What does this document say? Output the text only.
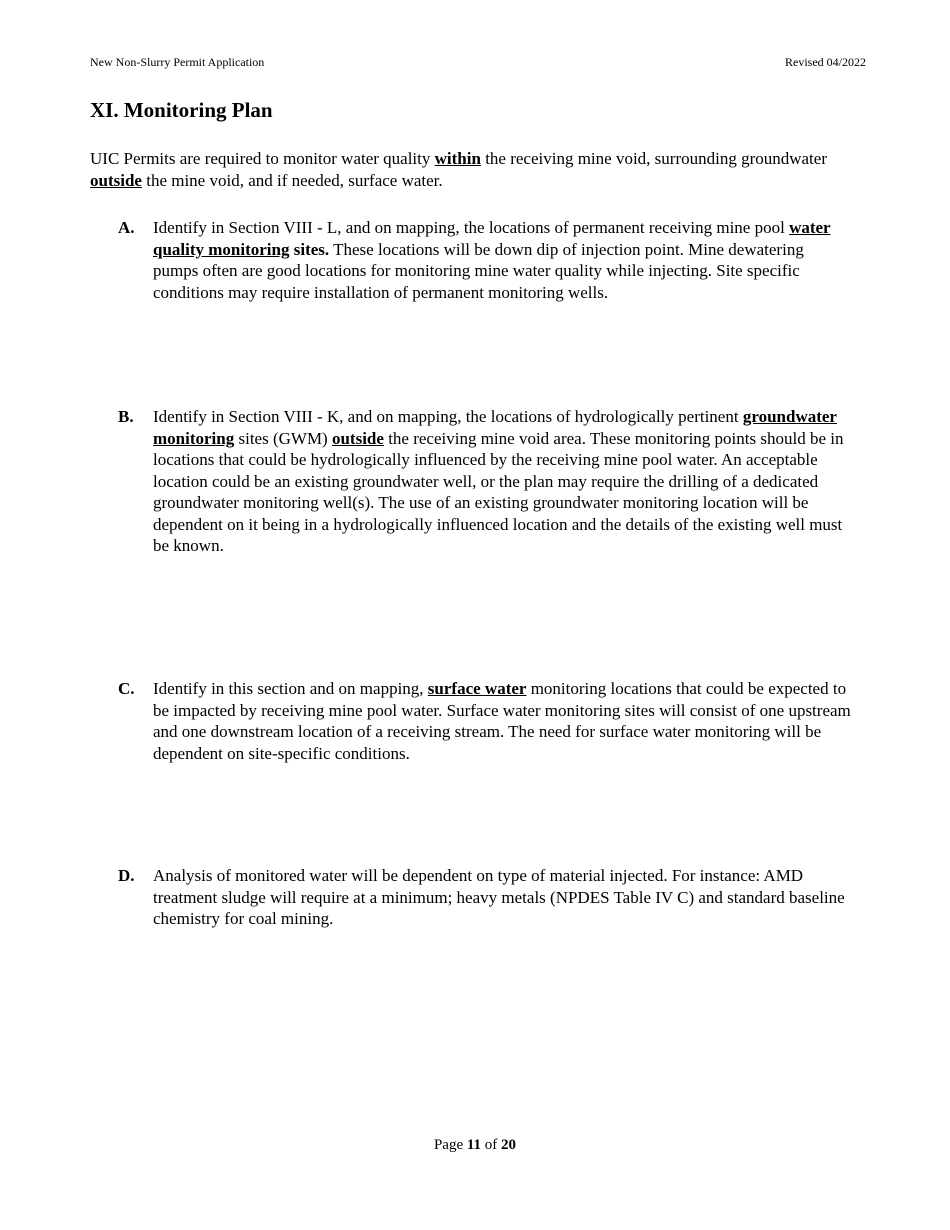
New Non-Slurry Permit Application	Revised 04/2022
XI. Monitoring Plan

UIC Permits are required to monitor water quality within the receiving mine void, surrounding groundwater outside the mine void, and if needed, surface water.

A. Identify in Section VIII - L, and on mapping, the locations of permanent receiving mine pool water quality monitoring sites. These locations will be down dip of injection point. Mine dewatering pumps often are good locations for monitoring mine water quality while injecting. Site specific conditions may require installation of permanent monitoring wells.
B. Identify in Section VIII - K, and on mapping, the locations of hydrologically pertinent groundwater monitoring sites (GWM) outside the receiving mine void area. These monitoring points should be in locations that could be hydrologically influenced by the receiving mine pool water. An acceptable location could be an existing groundwater well, or the plan may require the drilling of a dedicated groundwater monitoring well(s). The use of an existing groundwater monitoring location will be dependent on it being in a hydrologically influenced location and the details of the existing well must be known.
C. Identify in this section and on mapping, surface water monitoring locations that could be expected to be impacted by receiving mine pool water. Surface water monitoring sites will consist of one upstream and one downstream location of a receiving stream. The need for surface water monitoring will be dependent on site-specific conditions.
D. Analysis of monitored water will be dependent on type of material injected. For instance: AMD treatment sludge will require at a minimum; heavy metals (NPDES Table IV C) and standard baseline chemistry for coal mining.
Page 11 of 20
